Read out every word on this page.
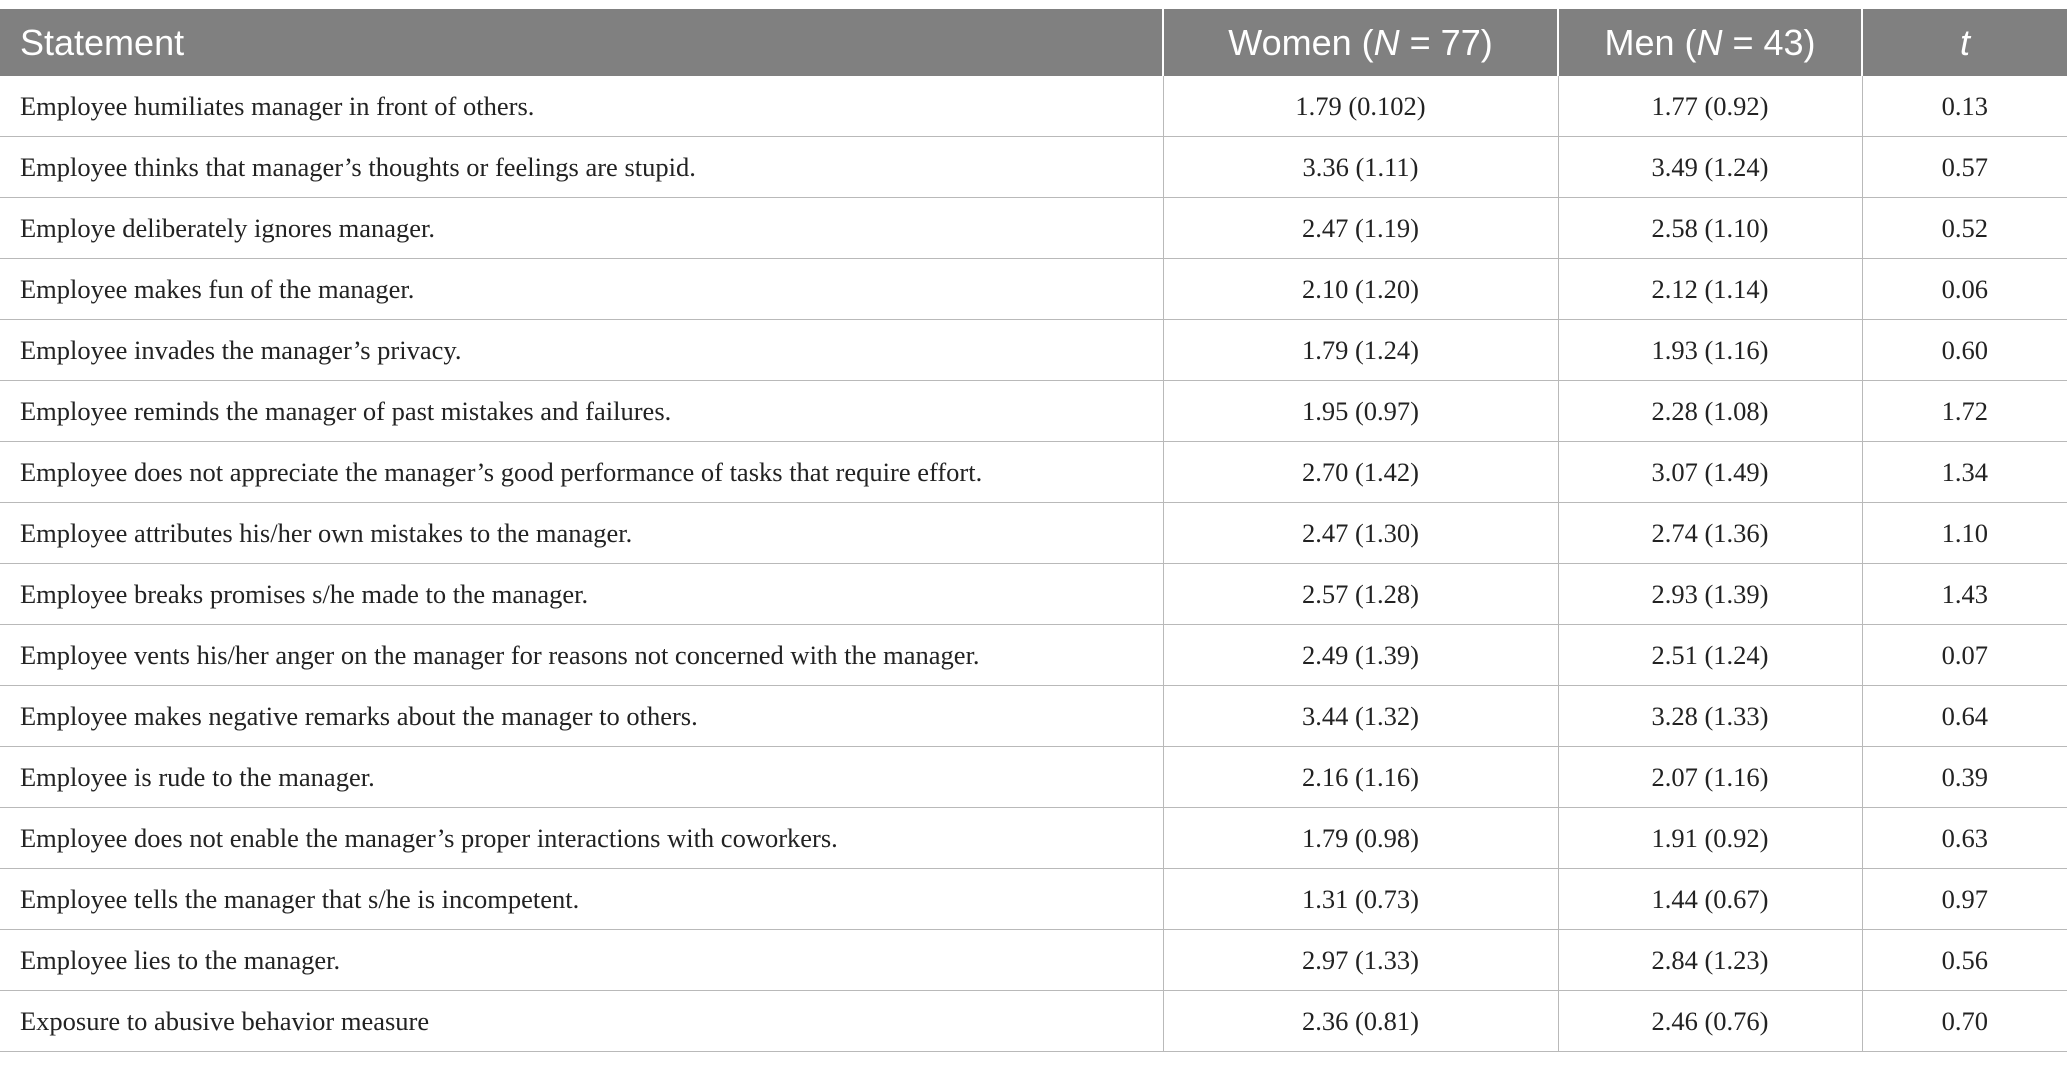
Statement	Women (N = 77)	Men (N = 43)	t
Employee humiliates manager in front of others.	1.79 (0.102)	1.77 (0.92)	0.13
Employee thinks that manager’s thoughts or feelings are stupid.	3.36 (1.11)	3.49 (1.24)	0.57
Employe deliberately ignores manager.	2.47 (1.19)	2.58 (1.10)	0.52
Employee makes fun of the manager.	2.10 (1.20)	2.12 (1.14)	0.06
Employee invades the manager’s privacy.	1.79 (1.24)	1.93 (1.16)	0.60
Employee reminds the manager of past mistakes and failures.	1.95 (0.97)	2.28 (1.08)	1.72
Employee does not appreciate the manager’s good performance of tasks that require effort.	2.70 (1.42)	3.07 (1.49)	1.34
Employee attributes his/her own mistakes to the manager.	2.47 (1.30)	2.74 (1.36)	1.10
Employee breaks promises s/he made to the manager.	2.57 (1.28)	2.93 (1.39)	1.43
Employee vents his/her anger on the manager for reasons not concerned with the manager.	2.49 (1.39)	2.51 (1.24)	0.07
Employee makes negative remarks about the manager to others.	3.44 (1.32)	3.28 (1.33)	0.64
Employee is rude to the manager.	2.16 (1.16)	2.07 (1.16)	0.39
Employee does not enable the manager’s proper interactions with coworkers.	1.79 (0.98)	1.91 (0.92)	0.63
Employee tells the manager that s/he is incompetent.	1.31 (0.73)	1.44 (0.67)	0.97
Employee lies to the manager.	2.97 (1.33)	2.84 (1.23)	0.56
Exposure to abusive behavior measure	2.36 (0.81)	2.46 (0.76)	0.70
